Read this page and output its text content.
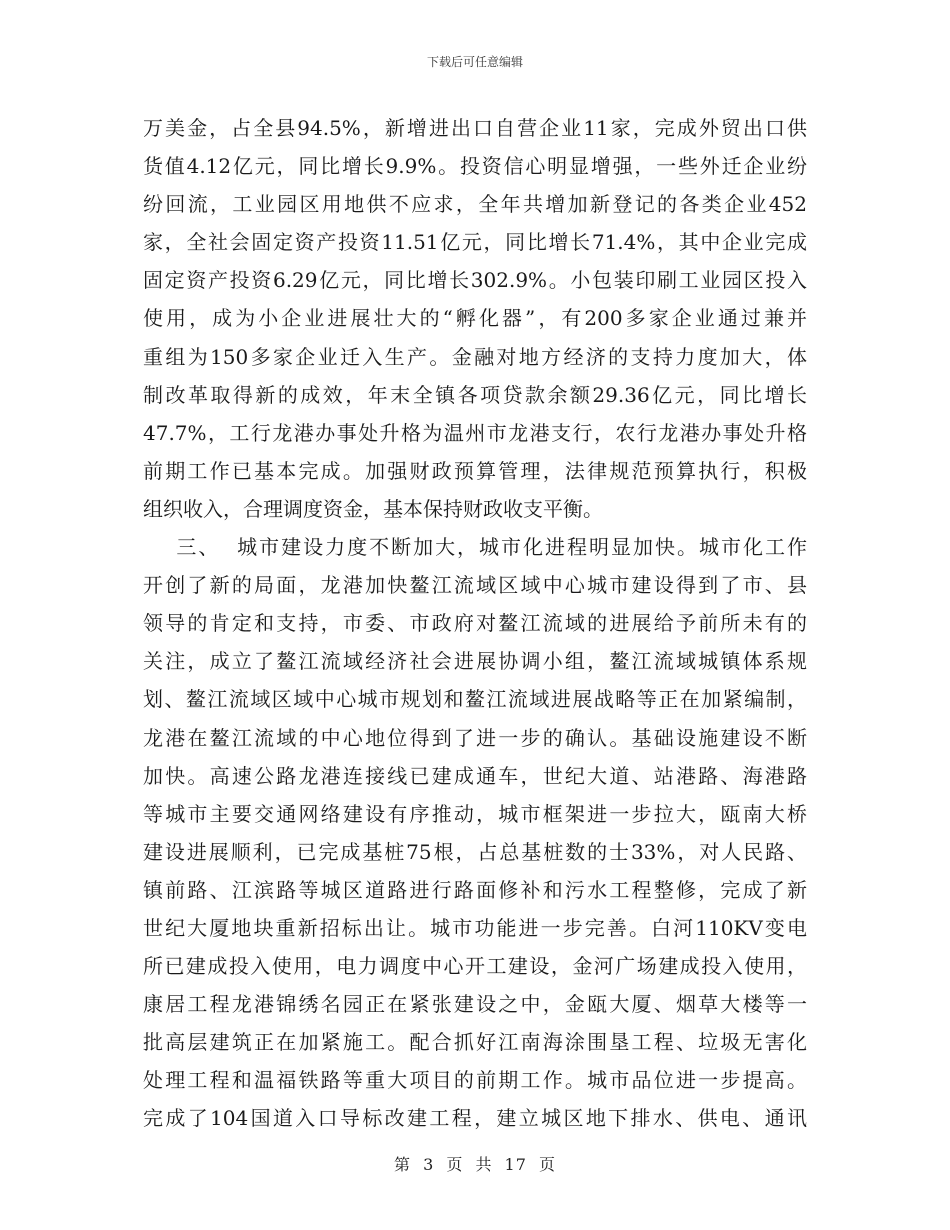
下载后可任意编辑
万美金，占全县94.5%，新增进出口自营企业11家，完成外贸出口供
货值4.12亿元，同比增长9.9%。投资信心明显增强，一些外迁企业纷
纷回流，工业园区用地供不应求，全年共增加新登记的各类企业452
家，全社会固定资产投资11.51亿元，同比增长71.4%，其中企业完成
固定资产投资6.29亿元，同比增长302.9%。小包装印刷工业园区投入
使用，成为小企业进展壮大的“孵化器”，有200多家企业通过兼并
重组为150多家企业迁入生产。金融对地方经济的支持力度加大，体
制改革取得新的成效，年末全镇各项贷款余额29.36亿元，同比增长
47.7%，工行龙港办事处升格为温州市龙港支行，农行龙港办事处升格
前期工作已基本完成。加强财政预算管理，法律规范预算执行，积极
组织收入，合理调度资金，基本保持财政收支平衡。
三、  城市建设力度不断加大，城市化进程明显加快。城市化工作
开创了新的局面，龙港加快鳌江流域区域中心城市建设得到了市、县
领导的肯定和支持，市委、市政府对鳌江流域的进展给予前所未有的
关注，成立了鳌江流域经济社会进展协调小组，鳌江流域城镇体系规
划、鳌江流域区域中心城市规划和鳌江流域进展战略等正在加紧编制，
龙港在鳌江流域的中心地位得到了进一步的确认。基础设施建设不断
加快。高速公路龙港连接线已建成通车，世纪大道、站港路、海港路
等城市主要交通网络建设有序推动，城市框架进一步拉大，瓯南大桥
建设进展顺利，已完成基桩75根，占总基桩数的士33%，对人民路、
镇前路、江滨路等城区道路进行路面修补和污水工程整修，完成了新
世纪大厦地块重新招标出让。城市功能进一步完善。白河110KV变电
所已建成投入使用，电力调度中心开工建设，金河广场建成投入使用，
康居工程龙港锦绣名园正在紧张建设之中，金瓯大厦、烟草大楼等一
批高层建筑正在加紧施工。配合抓好江南海涂围垦工程、垃圾无害化
处理工程和温福铁路等重大项目的前期工作。城市品位进一步提高。
完成了104国道入口导标改建工程，建立城区地下排水、供电、通讯
第 3 页 共 17 页
